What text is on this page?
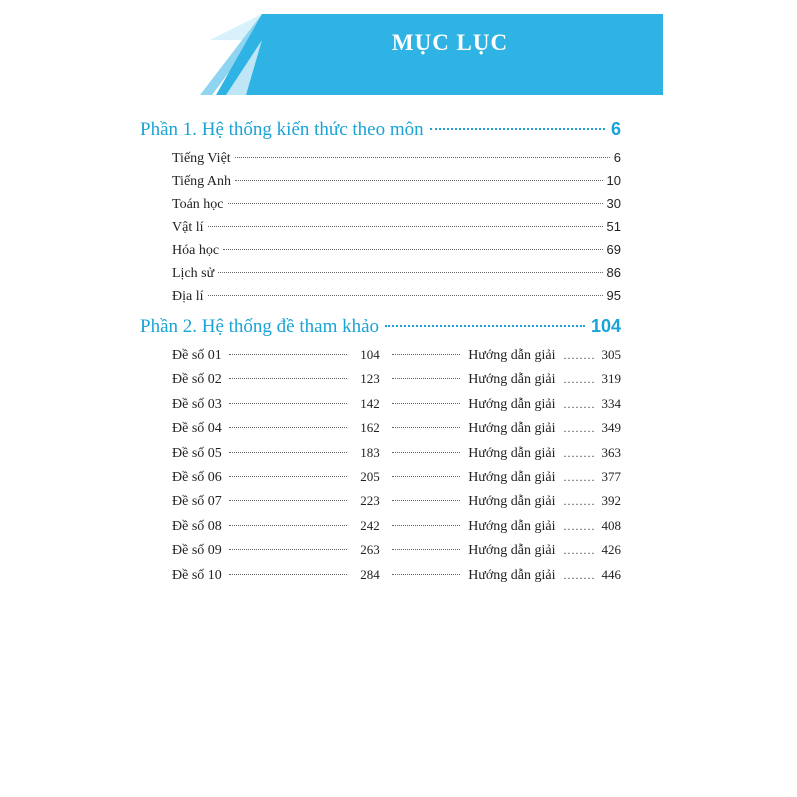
MỤC LỤC
Phần 1. Hệ thống kiến thức theo môn	6
Tiếng Việt	6
Tiếng Anh	10
Toán học	30
Vật lí	51
Hóa học	69
Lịch sử	86
Địa lí	95
Phần 2. Hệ thống đề tham khảo	104
Đề số 01	104	Hướng dẫn giải ........ 305
Đề số 02	123	Hướng dẫn giải ........ 319
Đề số 03	142	Hướng dẫn giải ........ 334
Đề số 04	162	Hướng dẫn giải ........ 349
Đề số 05	183	Hướng dẫn giải ........ 363
Đề số 06	205	Hướng dẫn giải ........ 377
Đề số 07	223	Hướng dẫn giải ........ 392
Đề số 08	242	Hướng dẫn giải ........ 408
Đề số 09	263	Hướng dẫn giải ........ 426
Đề số 10	284	Hướng dẫn giải ........ 446
